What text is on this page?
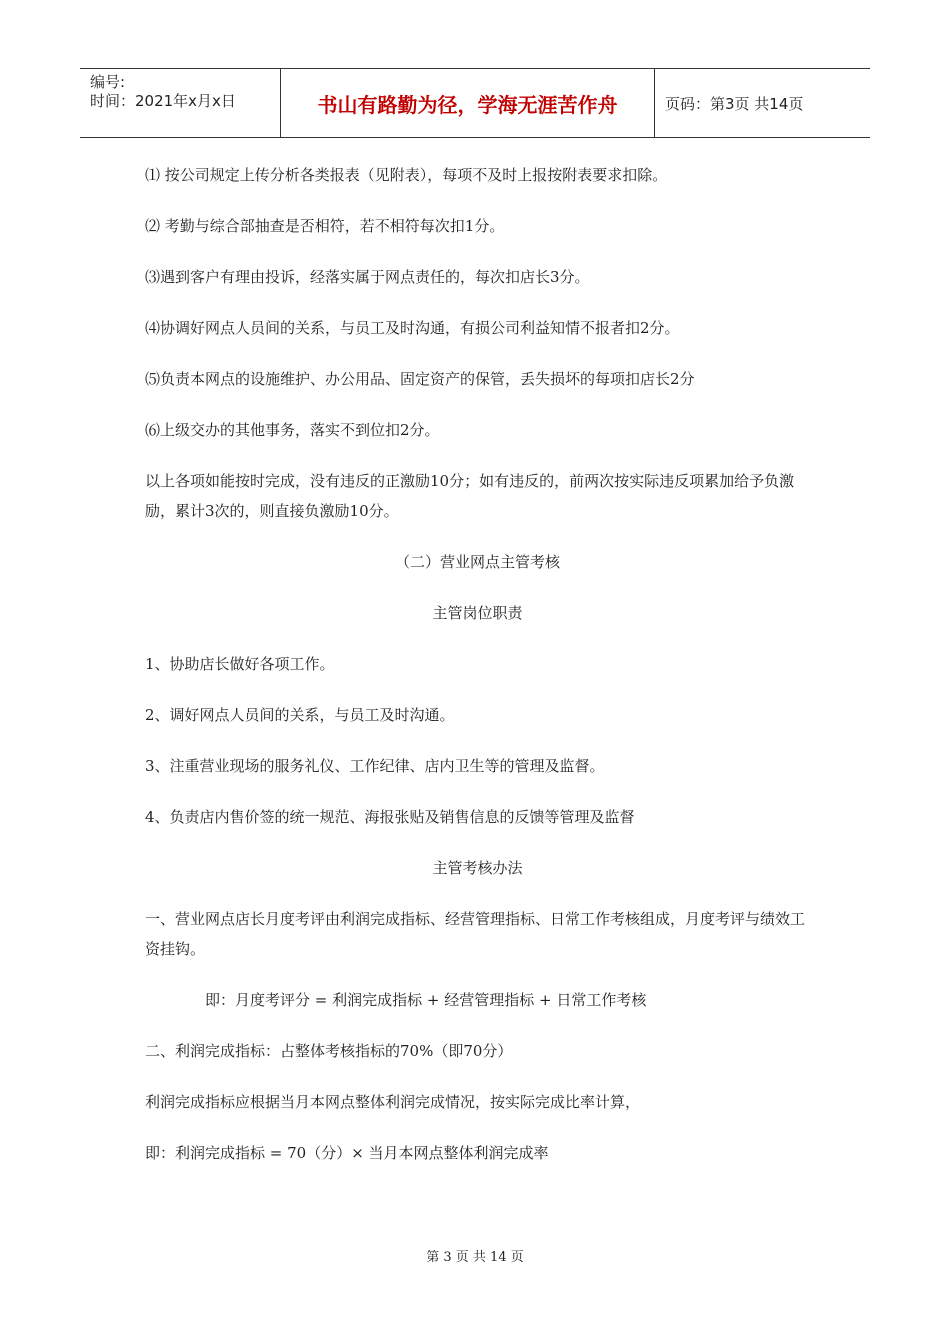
编号:
时间：2021年x月x日	书山有路勤为径，学海无涯苦作舟	页码：第3页 共14页

⑴ 按公司规定上传分析各类报表（见附表），每项不及时上报按附表要求扣除。

⑵ 考勤与综合部抽查是否相符，若不相符每次扣1分。

⑶遇到客户有理由投诉，经落实属于网点责任的，每次扣店长3分。

⑷协调好网点人员间的关系，与员工及时沟通，有损公司利益知情不报者扣2分。

⑸负责本网点的设施维护、办公用品、固定资产的保管，丢失损坏的每项扣店长2分

⑹上级交办的其他事务，落实不到位扣2分。

以上各项如能按时完成，没有违反的正激励10分；如有违反的，前两次按实际违反项累加给予负激励，累计3次的，则直接负激励10分。

（二）营业网点主管考核

主管岗位职责

1、协助店长做好各项工作。

2、调好网点人员间的关系，与员工及时沟通。

3、注重营业现场的服务礼仪、工作纪律、店内卫生等的管理及监督。

4、负责店内售价签的统一规范、海报张贴及销售信息的反馈等管理及监督

主管考核办法

一、营业网点店长月度考评由利润完成指标、经营管理指标、日常工作考核组成，月度考评与绩效工资挂钩。

即：月度考评分 = 利润完成指标 + 经营管理指标 + 日常工作考核

二、利润完成指标：占整体考核指标的70%（即70分）

利润完成指标应根据当月本网点整体利润完成情况，按实际完成比率计算，

即：利润完成指标 = 70（分）× 当月本网点整体利润完成率

第 3 页 共 14 页
